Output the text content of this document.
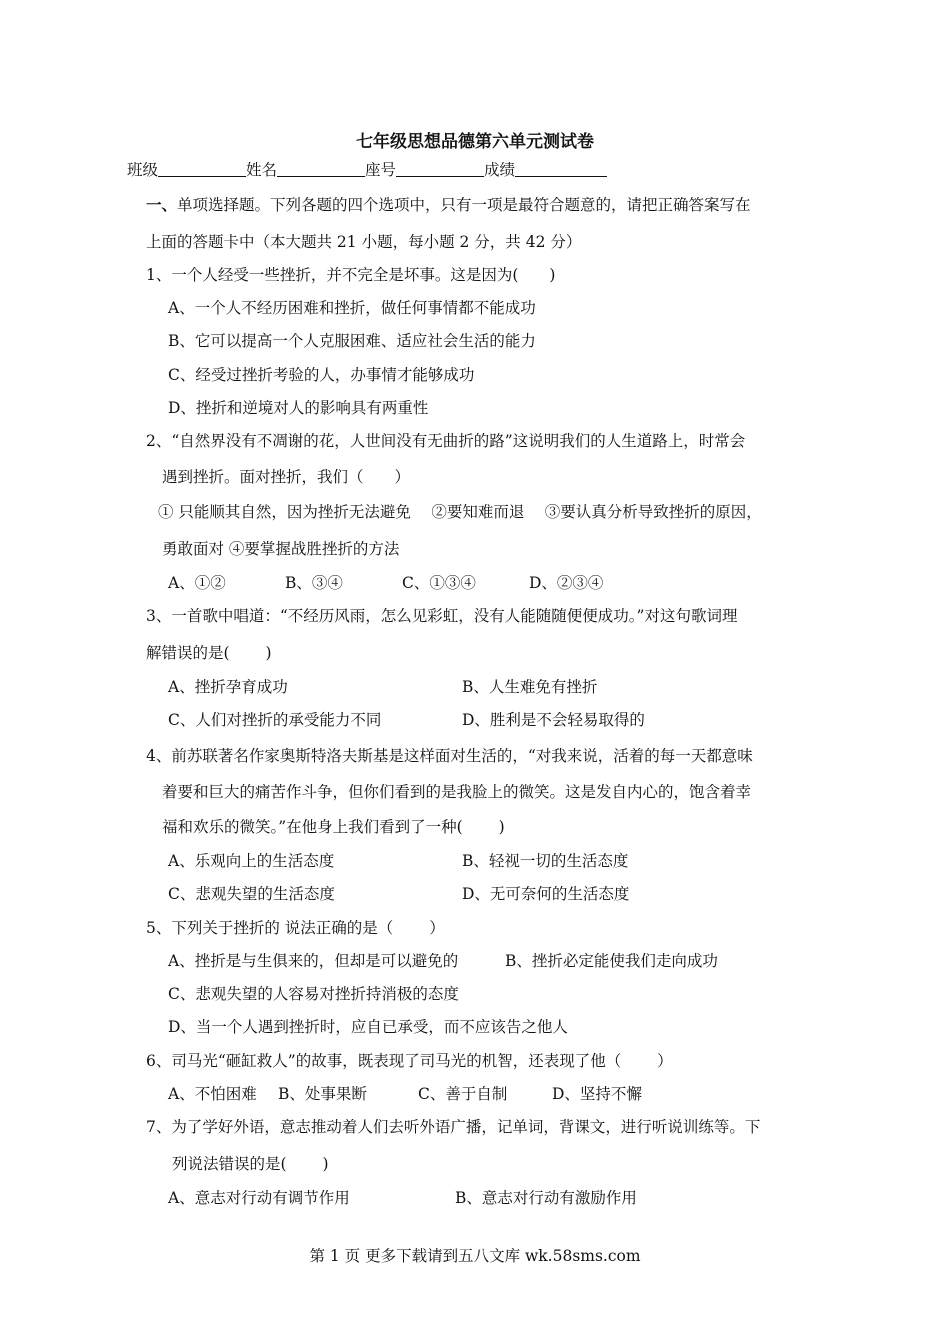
七年级思想品德第六单元测试卷
班级	姓名	座号	成绩
一、单项选择题。下列各题的四个选项中，只有一项是最符合题意的，请把正确答案写在
上面的答题卡中（本大题共 21 小题，每小题 2 分，共 42 分）
1、一个人经受一些挫折，并不完全是坏事。这是因为(　　)
A、一个人不经历困难和挫折，做任何事情都不能成功
B、它可以提高一个人克服困难、适应社会生活的能力
C、经受过挫折考验的人，办事情才能够成功
D、挫折和逆境对人的影响具有两重性
2、“自然界没有不凋谢的花，人世间没有无曲折的路”这说明我们的人生道路上，时常会
遇到挫折。面对挫折，我们（　　）
① 只能顺其自然，因为挫折无法避免　 ②要知难而退　 ③要认真分析导致挫折的原因，
勇敢面对 ④要掌握战胜挫折的方法
A、①②	B、③④	C、①③④	D、②③④
3、一首歌中唱道：“不经历风雨，怎么见彩虹，没有人能随随便便成功。”对这句歌词理
解错误的是(　　 )
A、挫折孕育成功	B、人生难免有挫折
C、人们对挫折的承受能力不同	D、胜利是不会轻易取得的
4、前苏联著名作家奥斯特洛夫斯基是这样面对生活的，“对我来说，活着的每一天都意味
着要和巨大的痛苦作斗争，但你们看到的是我脸上的微笑。这是发自内心的，饱含着幸
福和欢乐的微笑。”在他身上我们看到了一种(　　 )
A、乐观向上的生活态度	B、轻视一切的生活态度
C、悲观失望的生活态度	D、无可奈何的生活态度
5、下列关于挫折的 说法正确的是（　　 ）
A、挫折是与生俱来的，但却是可以避免的	B、挫折必定能使我们走向成功
C、悲观失望的人容易对挫折持消极的态度
D、当一个人遇到挫折时，应自已承受，而不应该告之他人
6、司马光“砸缸救人”的故事，既表现了司马光的机智，还表现了他（　　 ）
A、不怕困难 B、处事果断	C、善于自制	D、坚持不懈
7、为了学好外语，意志推动着人们去听外语广播，记单词，背课文，进行听说训练等。下
列说法错误的是(　　 )
A、意志对行动有调节作用	B、意志对行动有激励作用
第 1 页 更多下载请到五八文库 wk.58sms.com
